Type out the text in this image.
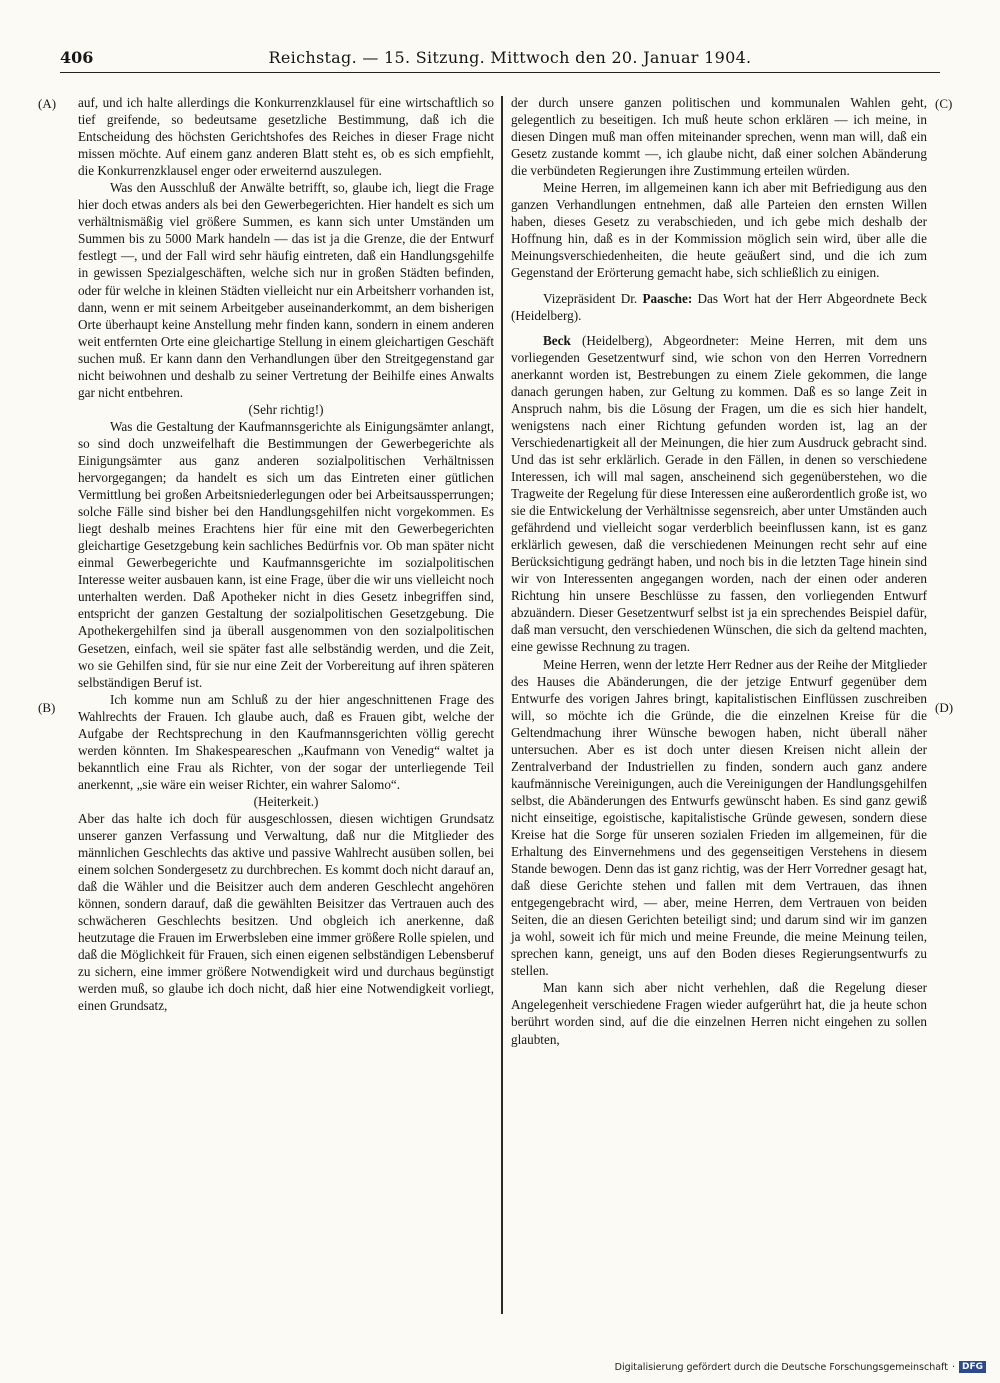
406	Reichstag. — 15. Sitzung. Mittwoch den 20. Januar 1904.
(A)
(B)
(C)
(D)

auf, und ich halte allerdings die Konkurrenzklausel für eine wirtschaftlich so tief greifende, so bedeutsame gesetzliche Bestimmung, daß ich die Entscheidung des höchsten Gerichtshofes des Reiches in dieser Frage nicht missen möchte. Auf einem ganz anderen Blatt steht es, ob es sich empfiehlt, die Konkurrenzklausel enger oder erweiternd auszulegen.

Was den Ausschluß der Anwälte betrifft, so, glaube ich, liegt die Frage hier doch etwas anders als bei den Gewerbegerichten. Hier handelt es sich um verhältnismäßig viel größere Summen, es kann sich unter Umständen um Summen bis zu 5000 Mark handeln — das ist ja die Grenze, die der Entwurf festlegt —, und der Fall wird sehr häufig eintreten, daß ein Handlungsgehilfe in gewissen Spezialgeschäften, welche sich nur in großen Städten befinden, oder für welche in kleinen Städten vielleicht nur ein Arbeitsherr vorhanden ist, dann, wenn er mit seinem Arbeitgeber auseinanderkommt, an dem bisherigen Orte überhaupt keine Anstellung mehr finden kann, sondern in einem anderen weit entfernten Orte eine gleichartige Stellung in einem gleichartigen Geschäft suchen muß. Er kann dann den Verhandlungen über den Streitgegenstand gar nicht beiwohnen und deshalb zu seiner Vertretung der Beihilfe eines Anwalts gar nicht entbehren.

(Sehr richtig!)

Was die Gestaltung der Kaufmannsgerichte als Einigungsämter anlangt, so sind doch unzweifelhaft die Bestimmungen der Gewerbegerichte als Einigungsämter aus ganz anderen sozialpolitischen Verhältnissen hervorgegangen; da handelt es sich um das Eintreten einer gütlichen Vermittlung bei großen Arbeitsniederlegungen oder bei Arbeitsaussperrungen; solche Fälle sind bisher bei den Handlungsgehilfen nicht vorgekommen. Es liegt deshalb meines Erachtens hier für eine mit den Gewerbegerichten gleichartige Gesetzgebung kein sachliches Bedürfnis vor. Ob man später nicht einmal Gewerbegerichte und Kaufmannsgerichte im sozialpolitischen Interesse weiter ausbauen kann, ist eine Frage, über die wir uns vielleicht noch unterhalten werden. Daß Apotheker nicht in dies Gesetz inbegriffen sind, entspricht der ganzen Gestaltung der sozialpolitischen Gesetzgebung. Die Apothekergehilfen sind ja überall ausgenommen von den sozialpolitischen Gesetzen, einfach, weil sie später fast alle selbständig werden, und die Zeit, wo sie Gehilfen sind, für sie nur eine Zeit der Vorbereitung auf ihren späteren selbständigen Beruf ist.

Ich komme nun am Schluß zu der hier angeschnittenen Frage des Wahlrechts der Frauen. Ich glaube auch, daß es Frauen gibt, welche der Aufgabe der Rechtsprechung in den Kaufmannsgerichten völlig gerecht werden könnten. Im Shakespeareschen „Kaufmann von Venedig“ waltet ja bekanntlich eine Frau als Richter, von der sogar der unterliegende Teil anerkennt, „sie wäre ein weiser Richter, ein wahrer Salomo“.

(Heiterkeit.)

Aber das halte ich doch für ausgeschlossen, diesen wichtigen Grundsatz unserer ganzen Verfassung und Verwaltung, daß nur die Mitglieder des männlichen Geschlechts das aktive und passive Wahlrecht ausüben sollen, bei einem solchen Sondergesetz zu durchbrechen. Es kommt doch nicht darauf an, daß die Wähler und die Beisitzer auch dem anderen Geschlecht angehören können, sondern darauf, daß die gewählten Beisitzer das Vertrauen auch des schwächeren Geschlechts besitzen. Und obgleich ich anerkenne, daß heutzutage die Frauen im Erwerbsleben eine immer größere Rolle spielen, und daß die Möglichkeit für Frauen, sich einen eigenen selbständigen Lebensberuf zu sichern, eine immer größere Notwendigkeit wird und durchaus begünstigt werden muß, so glaube ich doch nicht, daß hier eine Notwendigkeit vorliegt, einen Grundsatz,

der durch unsere ganzen politischen und kommunalen Wahlen geht, gelegentlich zu beseitigen. Ich muß heute schon erklären — ich meine, in diesen Dingen muß man offen miteinander sprechen, wenn man will, daß ein Gesetz zustande kommt —, ich glaube nicht, daß einer solchen Abänderung die verbündeten Regierungen ihre Zustimmung erteilen würden.

Meine Herren, im allgemeinen kann ich aber mit Befriedigung aus den ganzen Verhandlungen entnehmen, daß alle Parteien den ernsten Willen haben, dieses Gesetz zu verabschieden, und ich gebe mich deshalb der Hoffnung hin, daß es in der Kommission möglich sein wird, über alle die Meinungsverschiedenheiten, die heute geäußert sind, und die ich zum Gegenstand der Erörterung gemacht habe, sich schließlich zu einigen.

Vizepräsident Dr. Paasche: Das Wort hat der Herr Abgeordnete Beck (Heidelberg).

Beck (Heidelberg), Abgeordneter: Meine Herren, mit dem uns vorliegenden Gesetzentwurf sind, wie schon von den Herren Vorrednern anerkannt worden ist, Bestrebungen zu einem Ziele gekommen, die lange danach gerungen haben, zur Geltung zu kommen. Daß es so lange Zeit in Anspruch nahm, bis die Lösung der Fragen, um die es sich hier handelt, wenigstens nach einer Richtung gefunden worden ist, lag an der Verschiedenartigkeit all der Meinungen, die hier zum Ausdruck gebracht sind. Und das ist sehr erklärlich. Gerade in den Fällen, in denen so verschiedene Interessen, ich will mal sagen, anscheinend sich gegenüberstehen, wo die Tragweite der Regelung für diese Interessen eine außerordentlich große ist, wo sie die Entwickelung der Verhältnisse segensreich, aber unter Umständen auch gefährdend und vielleicht sogar verderblich beeinflussen kann, ist es ganz erklärlich gewesen, daß die verschiedenen Meinungen recht sehr auf eine Berücksichtigung gedrängt haben, und noch bis in die letzten Tage hinein sind wir von Interessenten angegangen worden, nach der einen oder anderen Richtung hin unsere Beschlüsse zu fassen, den vorliegenden Entwurf abzuändern. Dieser Gesetzentwurf selbst ist ja ein sprechendes Beispiel dafür, daß man versucht, den verschiedenen Wünschen, die sich da geltend machten, eine gewisse Rechnung zu tragen.

Meine Herren, wenn der letzte Herr Redner aus der Reihe der Mitglieder des Hauses die Abänderungen, die der jetzige Entwurf gegenüber dem Entwurfe des vorigen Jahres bringt, kapitalistischen Einflüssen zuschreiben will, so möchte ich die Gründe, die die einzelnen Kreise für die Geltendmachung ihrer Wünsche bewogen haben, nicht überall näher untersuchen. Aber es ist doch unter diesen Kreisen nicht allein der Zentralverband der Industriellen zu finden, sondern auch ganz andere kaufmännische Vereinigungen, auch die Vereinigungen der Handlungsgehilfen selbst, die Abänderungen des Entwurfs gewünscht haben. Es sind ganz gewiß nicht einseitige, egoistische, kapitalistische Gründe gewesen, sondern diese Kreise hat die Sorge für unseren sozialen Frieden im allgemeinen, für die Erhaltung des Einvernehmens und des gegenseitigen Verstehens in diesem Stande bewogen. Denn das ist ganz richtig, was der Herr Vorredner gesagt hat, daß diese Gerichte stehen und fallen mit dem Vertrauen, das ihnen entgegengebracht wird, — aber, meine Herren, dem Vertrauen von beiden Seiten, die an diesen Gerichten beteiligt sind; und darum sind wir im ganzen ja wohl, soweit ich für mich und meine Freunde, die meine Meinung teilen, sprechen kann, geneigt, uns auf den Boden dieses Regierungsentwurfs zu stellen.

Man kann sich aber nicht verhehlen, daß die Regelung dieser Angelegenheit verschiedene Fragen wieder aufgerührt hat, die ja heute schon berührt worden sind, auf die die einzelnen Herren nicht eingehen zu sollen glaubten,

Digitalisierung gefördert durch die Deutsche Forschungsgemeinschaft · DFG
